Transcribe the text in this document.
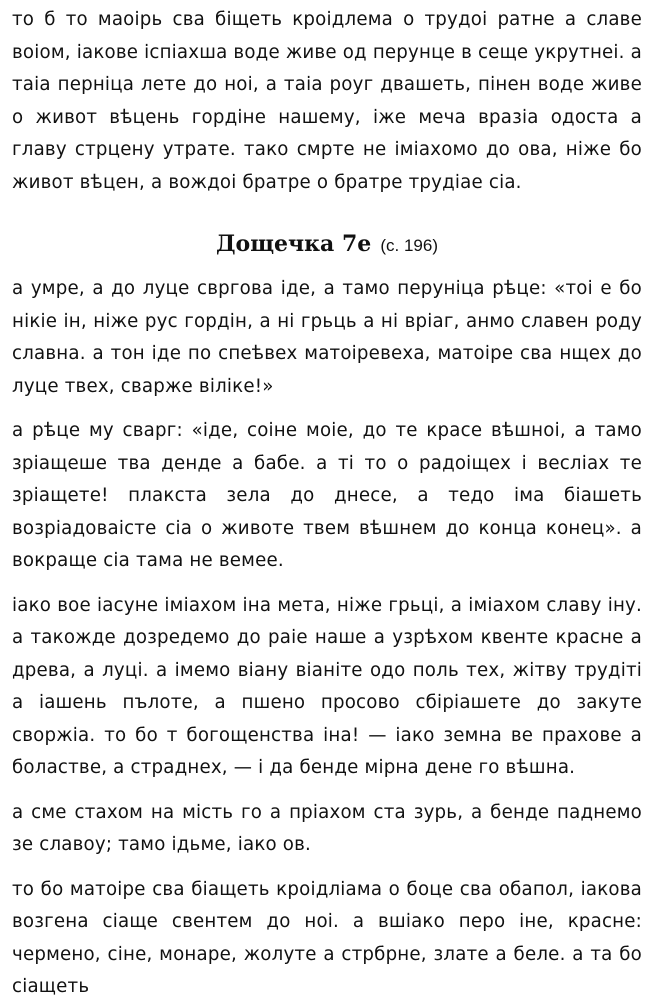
то б то маоірь сва біщеть кроідлема о трудоі ратне а славе воіом, іакове іспіахша воде живе од перунце в сеще укрутнеі. а таіа перніца лете до ноі, а таіа роуг двашеть, пінен воде живе о живот вѣцень гордіне нашему, іже меча вразіа одоста а главу стрцену утрате. тако смрте не іміахомо до ова, ніже бо живот вѣцен, а вождоі братре о братре трудіае сіа.

Дощечка 7е (с. 196)

а умре, а до луце свргова іде, а тамо перуніца рѣце: «тоі е бо нікіе ін, ніже рус гордін, а ні грьць а ні вріаг, анмо славен роду славна. а тон іде по спеѣвех матоіревеха, матоіре сва нщех до луце твех, сварже віліке!»

а рѣце му сварг: «іде, соіне моіе, до те красе вѣшноі, а тамо зріащеше тва денде а бабе. а ті то о радоіщех і весліах те зріащете! плакста зела до днесе, а тедо іма біашеть возріадоваісте сіа о животе твем вѣшнем до конца конец». а вокраще сіа тама не вемее.

іако вое іасуне іміахом іна мета, ніже грьці, а іміахом славу іну. а такожде дозредемо до раіе наше а узрѣхом квенте красне а древа, а луці. а імемо віану віаніте одо поль тех, жітву трудіті а іашень пълоте, а пшено просово сбіріашете до закуте своржіа. то бо т богощенства іна! — іако земна ве прахове а боластвe, а страднех, — і да бенде мірна дене го вѣшна.

а сме стахом на мість го а пріахом ста зурь, а бенде паднемо зе славоу; тамо ідьме, іако ов.

то бо матоіре сва біащеть кроідліама о боце сва обапол, іакова возгена сіаще свентем до ноі. а вшіако перо іне, красне: чермено, сіне, монаре, жолуте а стрбрне, злате а беле. а та бо сіащеть
